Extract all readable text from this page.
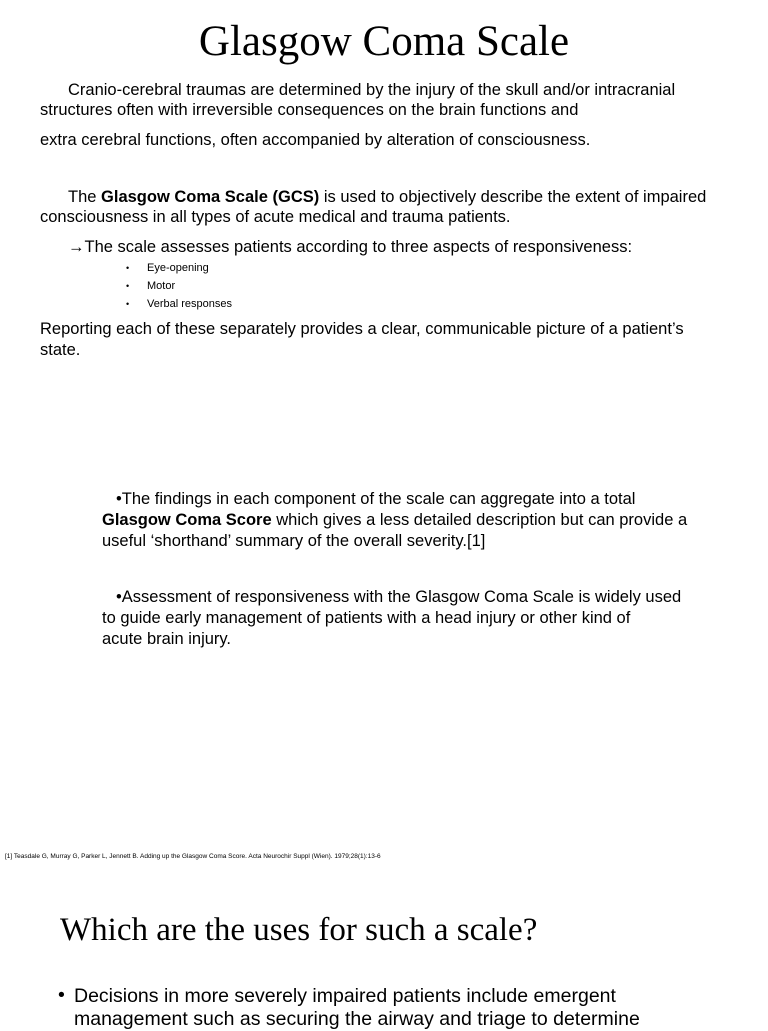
Glasgow Coma Scale
Cranio-cerebral traumas are determined by the injury of the skull and/or intracranial
structures often with irreversible consequences on the brain functions and
extra cerebral functions, often accompanied by alteration of consciousness.
The Glasgow Coma Scale (GCS) is used to objectively describe the extent of impaired
consciousness in all types of acute medical and trauma patients.
→The scale assesses patients according to three aspects of responsiveness:
• Eye-opening
• Motor
• Verbal responses
Reporting each of these separately provides a clear, communicable picture of a patient’s
state.
•The findings in each component of the scale can aggregate into a total
Glasgow Coma Score which gives a less detailed description but can provide a
useful ‘shorthand’ summary of the overall severity.[1]
•Assessment of responsiveness with the Glasgow Coma Scale is widely used
to guide early management of patients with a head injury or other kind of
acute brain injury.
[1] Teasdale G, Murray G, Parker L, Jennett B. Adding up the Glasgow Coma Score. Acta Neurochir Suppl (Wien). 1979;28(1):13-6
Which are the uses for such a scale?
• Decisions in more severely impaired patients include emergent
management such as securing the airway and triage to determine
